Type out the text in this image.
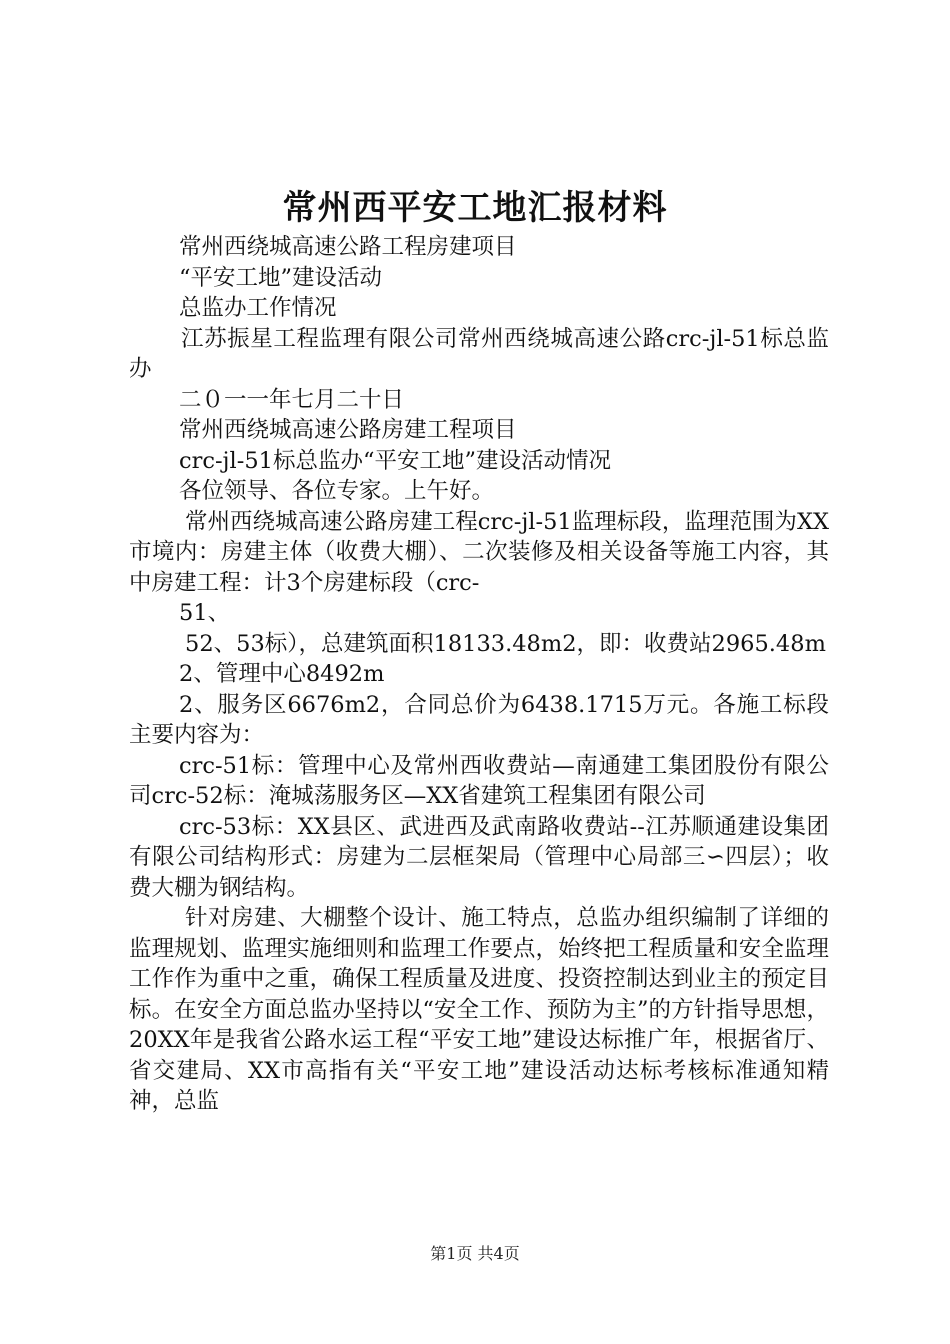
常州西平安工地汇报材料

常州西绕城高速公路工程房建项目

“平安工地”建设活动

总监办工作情况

江苏振星工程监理有限公司常州西绕城高速公路crc-jl-51标总监办

二０一一年七月二十日

常州西绕城高速公路房建工程项目

crc-jl-51标总监办“平安工地”建设活动情况

各位领导、各位专家。上午好。

常州西绕城高速公路房建工程crc-jl-51监理标段，监理范围为XX市境内：房建主体（收费大棚）、二次装修及相关设备等施工内容，其中房建工程：计3个房建标段（crc-

51、

52、53标），总建筑面积18133.48m2，即：收费站2965.48m

2、管理中心8492m

2、服务区6676m2，合同总价为6438.1715万元。各施工标段主要内容为：

crc-51标：管理中心及常州西收费站—南通建工集团股份有限公司crc-52标：淹城荡服务区—XX省建筑工程集团有限公司

crc-53标：XX县区、武进西及武南路收费站--江苏顺通建设集团有限公司结构形式：房建为二层框架局（管理中心局部三∽四层）；收费大棚为钢结构。

针对房建、大棚整个设计、施工特点，总监办组织编制了详细的监理规划、监理实施细则和监理工作要点，始终把工程质量和安全监理工作作为重中之重，确保工程质量及进度、投资控制达到业主的预定目标。在安全方面总监办坚持以“安全工作、预防为主”的方针指导思想，20XX年是我省公路水运工程“平安工地”建设达标推广年，根据省厅、省交建局、XX市高指有关“平安工地”建设活动达标考核标准通知精神，总监

第1页 共4页
